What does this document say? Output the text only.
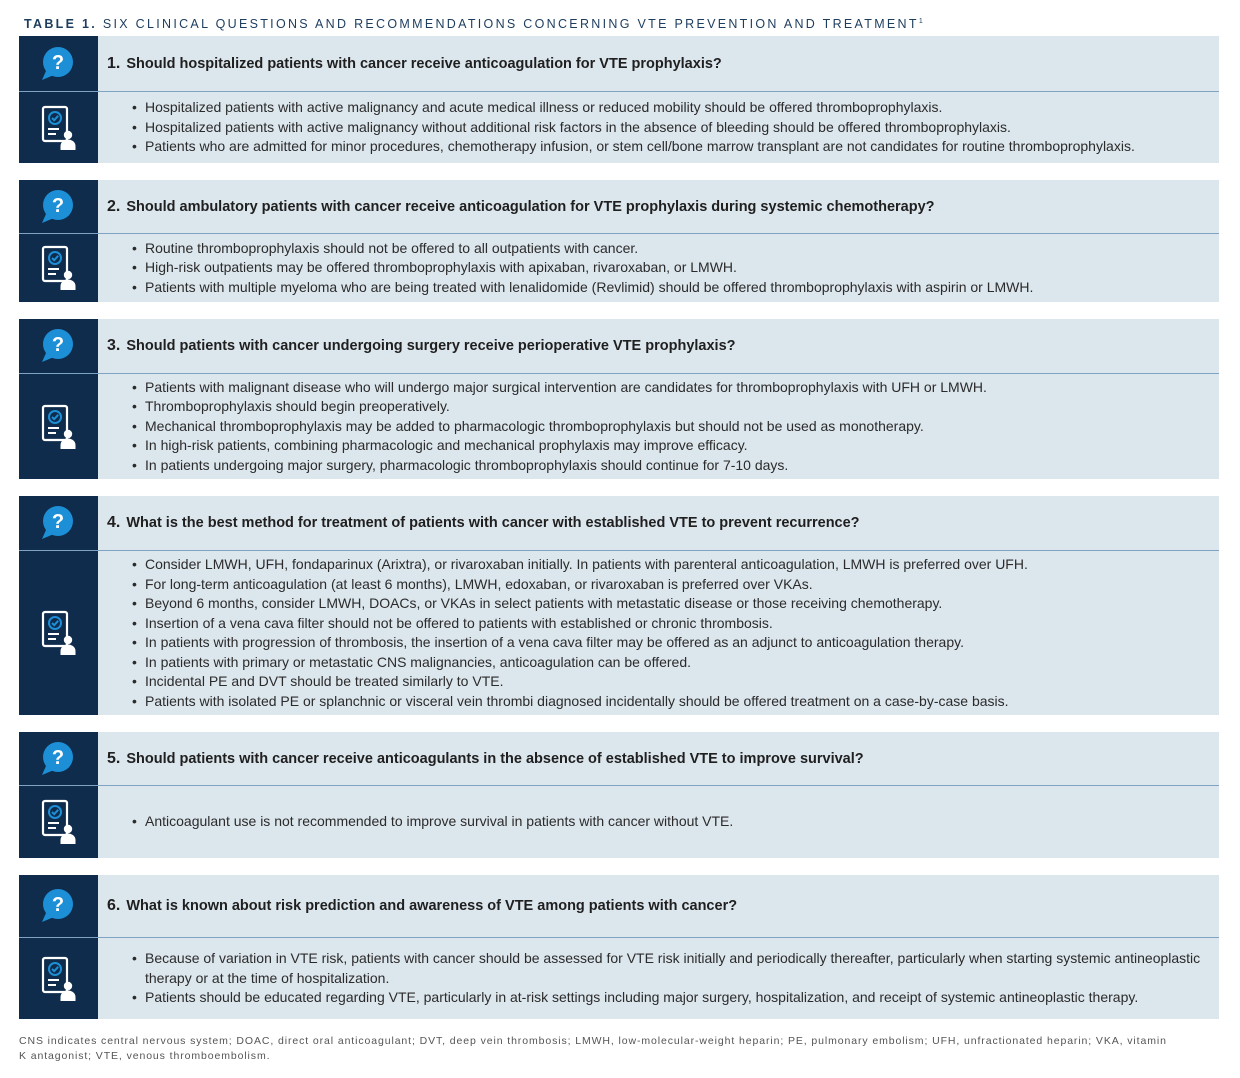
TABLE 1. SIX CLINICAL QUESTIONS AND RECOMMENDATIONS CONCERNING VTE PREVENTION AND TREATMENT$^1$
?	1. Should hospitalized patients with cancer receive anticoagulation for VTE prophylaxis?
• Hospitalized patients with active malignancy and acute medical illness or reduced mobility should be offered thromboprophylaxis.
• Hospitalized patients with active malignancy without additional risk factors in the absence of bleeding should be offered thromboprophylaxis.
• Patients who are admitted for minor procedures, chemotherapy infusion, or stem cell/bone marrow transplant are not candidates for routine thromboprophylaxis.
?	2. Should ambulatory patients with cancer receive anticoagulation for VTE prophylaxis during systemic chemotherapy?
• Routine thromboprophylaxis should not be offered to all outpatients with cancer.
• High-risk outpatients may be offered thromboprophylaxis with apixaban, rivaroxaban, or LMWH.
• Patients with multiple myeloma who are being treated with lenalidomide (Revlimid) should be offered thromboprophylaxis with aspirin or LMWH.
?	3. Should patients with cancer undergoing surgery receive perioperative VTE prophylaxis?
• Patients with malignant disease who will undergo major surgical intervention are candidates for thromboprophylaxis with UFH or LMWH.
• Thromboprophylaxis should begin preoperatively.
• Mechanical thromboprophylaxis may be added to pharmacologic thromboprophylaxis but should not be used as monotherapy.
• In high-risk patients, combining pharmacologic and mechanical prophylaxis may improve efficacy.
• In patients undergoing major surgery, pharmacologic thromboprophylaxis should continue for 7-10 days.
?	4. What is the best method for treatment of patients with cancer with established VTE to prevent recurrence?
• Consider LMWH, UFH, fondaparinux (Arixtra), or rivaroxaban initially. In patients with parenteral anticoagulation, LMWH is preferred over UFH.
• For long-term anticoagulation (at least 6 months), LMWH, edoxaban, or rivaroxaban is preferred over VKAs.
• Beyond 6 months, consider LMWH, DOACs, or VKAs in select patients with metastatic disease or those receiving chemotherapy.
• Insertion of a vena cava filter should not be offered to patients with established or chronic thrombosis.
• In patients with progression of thrombosis, the insertion of a vena cava filter may be offered as an adjunct to anticoagulation therapy.
• In patients with primary or metastatic CNS malignancies, anticoagulation can be offered.
• Incidental PE and DVT should be treated similarly to VTE.
• Patients with isolated PE or splanchnic or visceral vein thrombi diagnosed incidentally should be offered treatment on a case-by-case basis.
?	5. Should patients with cancer receive anticoagulants in the absence of established VTE to improve survival?
• Anticoagulant use is not recommended to improve survival in patients with cancer without VTE.
?	6. What is known about risk prediction and awareness of VTE among patients with cancer?
• Because of variation in VTE risk, patients with cancer should be assessed for VTE risk initially and periodically thereafter, particularly when starting systemic antineoplastic therapy or at the time of hospitalization.
• Patients should be educated regarding VTE, particularly in at-risk settings including major surgery, hospitalization, and receipt of systemic antineoplastic therapy.
CNS indicates central nervous system; DOAC, direct oral anticoagulant; DVT, deep vein thrombosis; LMWH, low-molecular-weight heparin; PE, pulmonary embolism; UFH, unfractionated heparin; VKA, vitamin K antagonist; VTE, venous thromboembolism.
